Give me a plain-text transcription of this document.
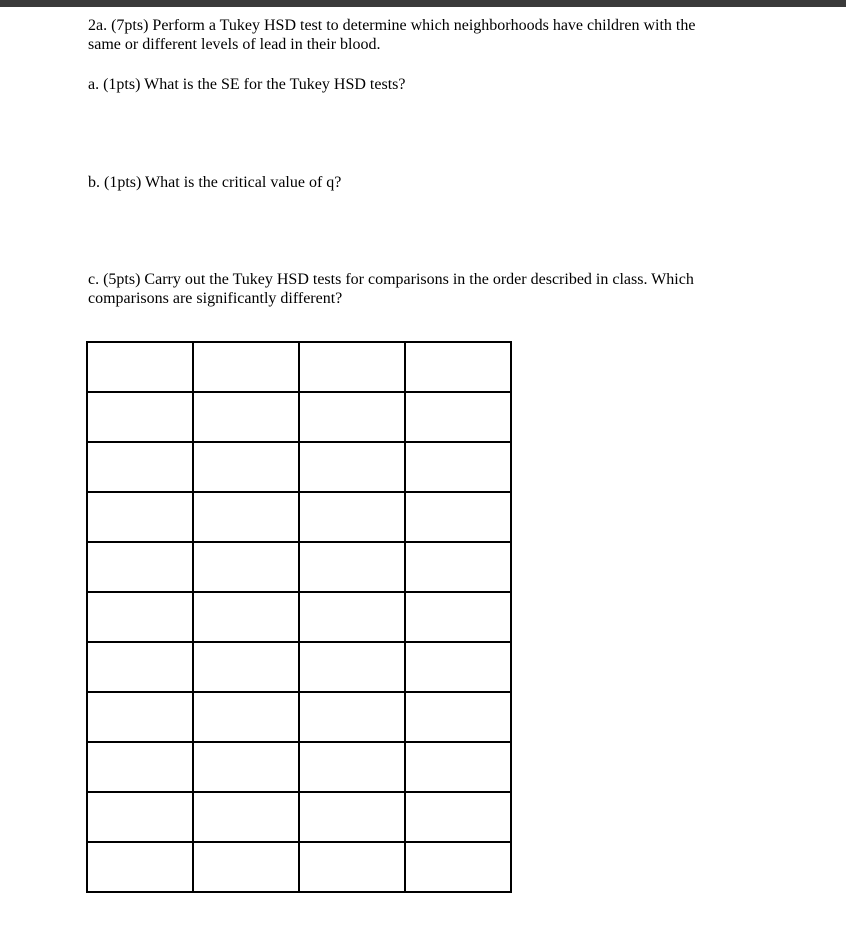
2a. (7pts) Perform a Tukey HSD test to determine which neighborhoods have children with the
same or different levels of lead in their blood.
a. (1pts) What is the SE for the Tukey HSD tests?
b. (1pts) What is the critical value of q?
c. (5pts) Carry out the Tukey HSD tests for comparisons in the order described in class. Which
comparisons are significantly different?
